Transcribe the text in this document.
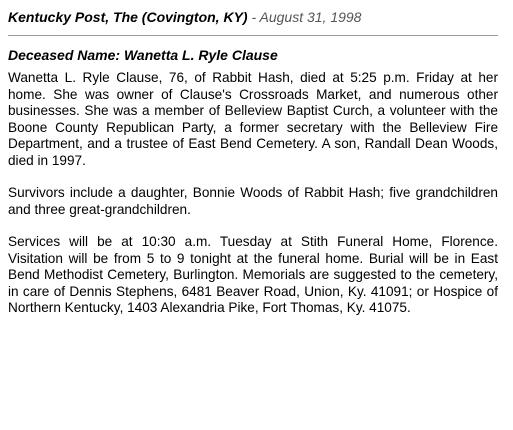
Kentucky Post, The (Covington, KY) - August 31, 1998
Deceased Name: Wanetta L. Ryle Clause

Wanetta L. Ryle Clause, 76, of Rabbit Hash, died at 5:25 p.m. Friday at her home. She was owner of Clause's Crossroads Market, and numerous other businesses. She was a member of Belleview Baptist Curch, a volunteer with the Boone County Republican Party, a former secretary with the Belleview Fire Department, and a trustee of East Bend Cemetery. A son, Randall Dean Woods, died in 1997.

Survivors include a daughter, Bonnie Woods of Rabbit Hash; five grandchildren and three great-grandchildren.

Services will be at 10:30 a.m. Tuesday at Stith Funeral Home, Florence. Visitation will be from 5 to 9 tonight at the funeral home. Burial will be in East Bend Methodist Cemetery, Burlington. Memorials are suggested to the cemetery, in care of Dennis Stephens, 6481 Beaver Road, Union, Ky. 41091; or Hospice of Northern Kentucky, 1403 Alexandria Pike, Fort Thomas, Ky. 41075.
